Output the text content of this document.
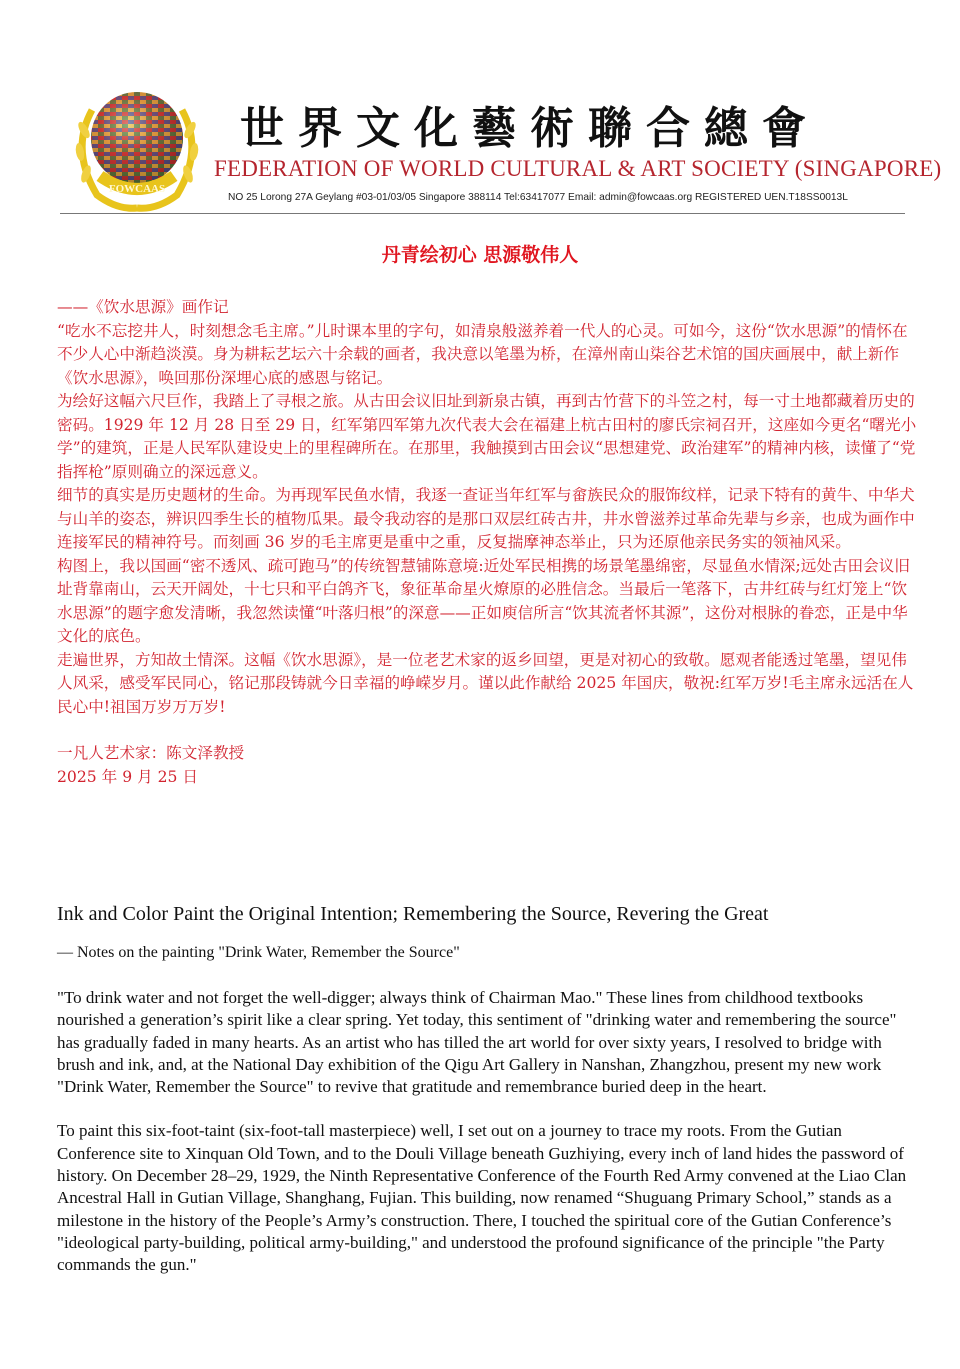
FOWCAAS
世界文化藝術聯合總會
FEDERATION OF WORLD CULTURAL & ART SOCIETY (SINGAPORE)
NO 25 Lorong 27A Geylang #03-01/03/05 Singapore 388114 Tel:63417077 Email: admin@fowcaas.org REGISTERED UEN.T18SS0013L
丹青绘初心 思源敬伟人

——《饮水思源》画作记

“吃水不忘挖井人，时刻想念毛主席。”儿时课本里的字句，如清泉般滋养着一代人的心灵。可如今，这份“饮水思源”的情怀在不少人心中渐趋淡漠。身为耕耘艺坛六十余载的画者，我决意以笔墨为桥，在漳州南山柒谷艺术馆的国庆画展中，献上新作《饮水思源》，唤回那份深埋心底的感恩与铭记。

为绘好这幅六尺巨作，我踏上了寻根之旅。从古田会议旧址到新泉古镇，再到古竹营下的斗笠之村，每一寸土地都藏着历史的密码。1929 年 12 月 28 日至 29 日，红军第四军第九次代表大会在福建上杭古田村的廖氏宗祠召开，这座如今更名“曙光小学”的建筑，正是人民军队建设史上的里程碑所在。在那里，我触摸到古田会议“思想建党、政治建军”的精神内核，读懂了“党指挥枪”原则确立的深远意义。

细节的真实是历史题材的生命。为再现军民鱼水情，我逐一查证当年红军与畲族民众的服饰纹样，记录下特有的黄牛、中华犬与山羊的姿态，辨识四季生长的植物瓜果。最令我动容的是那口双层红砖古井，井水曾滋养过革命先辈与乡亲，也成为画作中连接军民的精神符号。而刻画 36 岁的毛主席更是重中之重，反复揣摩神态举止，只为还原他亲民务实的领袖风采。

构图上，我以国画“密不透风、疏可跑马”的传统智慧铺陈意境:近处军民相携的场景笔墨绵密，尽显鱼水情深;远处古田会议旧址背靠南山，云天开阔处，十七只和平白鸽齐飞，象征革命星火燎原的必胜信念。当最后一笔落下，古井红砖与红灯笼上“饮水思源”的题字愈发清晰，我忽然读懂“叶落归根”的深意——正如庾信所言“饮其流者怀其源”，这份对根脉的眷恋，正是中华文化的底色。

走遍世界，方知故土情深。这幅《饮水思源》，是一位老艺术家的返乡回望，更是对初心的致敬。愿观者能透过笔墨，望见伟人风采，感受军民同心，铭记那段铸就今日幸福的峥嵘岁月。谨以此作献给 2025 年国庆，敬祝:红军万岁!毛主席永远活在人民心中!祖国万岁万万岁!

一凡人艺术家：陈文泽教授

2025 年 9 月 25 日

Ink and Color Paint the Original Intention; Remembering the Source, Revering the Great
— Notes on the painting "Drink Water, Remember the Source"

"To drink water and not forget the well-digger; always think of Chairman Mao." These lines from childhood textbooks nourished a generation’s spirit like a clear spring. Yet today, this sentiment of "drinking water and remembering the source" has gradually faded in many hearts. As an artist who has tilled the art world for over sixty years, I resolved to bridge with brush and ink, and, at the National Day exhibition of the Qigu Art Gallery in Nanshan, Zhangzhou, present my new work "Drink Water, Remember the Source" to revive that gratitude and remembrance buried deep in the heart.

To paint this six-foot-taint (six-foot-tall masterpiece) well, I set out on a journey to trace my roots. From the Gutian Conference site to Xinquan Old Town, and to the Douli Village beneath Guzhiying, every inch of land hides the password of history. On December 28–29, 1929, the Ninth Representative Conference of the Fourth Red Army convened at the Liao Clan Ancestral Hall in Gutian Village, Shanghang, Fujian. This building, now renamed “Shuguang Primary School,” stands as a milestone in the history of the People’s Army’s construction. There, I touched the spiritual core of the Gutian Conference’s "ideological party-building, political army-building," and understood the profound significance of the principle "the Party commands the gun."
